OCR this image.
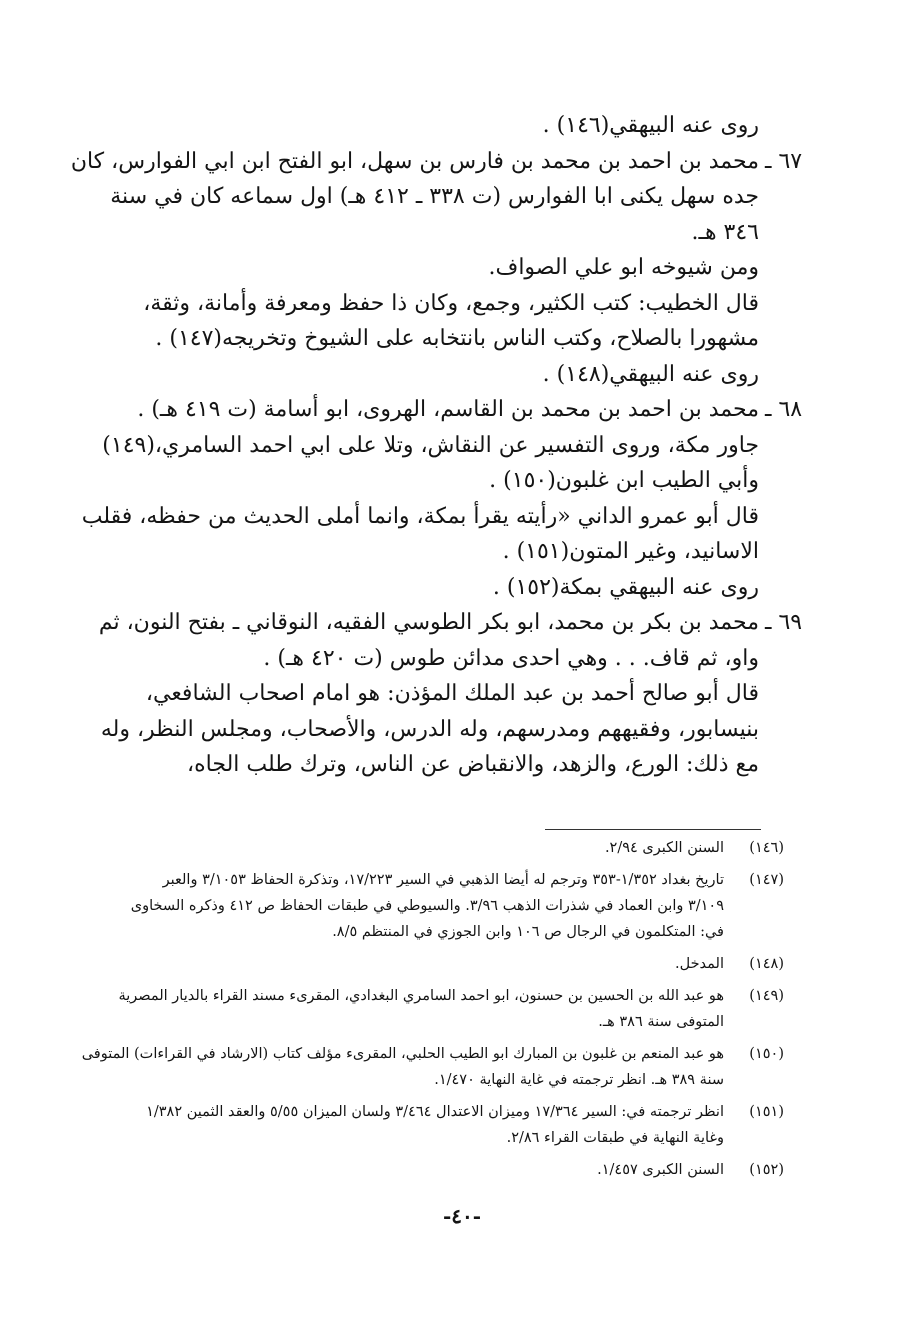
روى عنه البيهقي(١٤٦) .
٦٧ ـ
محمد بن احمد بن محمد بن فارس بن سهل، ابو الفتح ابن ابي الفوارس، كان
جده سهل يكنى ابا الفوارس (ت ٣٣٨ ـ ٤١٢ هـ) اول سماعه كان في سنة
٣٤٦ هـ.
ومن شيوخه ابو علي الصواف.
قال الخطيب: كتب الكثير، وجمع، وكان ذا حفظ ومعرفة وأمانة، وثقة،
مشهورا بالصلاح، وكتب الناس بانتخابه على الشيوخ وتخريجه(١٤٧) .
روى عنه البيهقي(١٤٨) .
٦٨ ـ
محمد بن احمد بن محمد بن القاسم، الهروى، ابو أسامة (ت ٤١٩ هـ) .
جاور مكة، وروى التفسير عن النقاش، وتلا على ابي احمد السامري،(١٤٩)
وأبي الطيب ابن غلبون(١٥٠) .
قال أبو عمرو الداني «رأيته يقرأ بمكة، وانما أملى الحديث من حفظه، فقلب
الاسانيد، وغير المتون(١٥١) .
روى عنه البيهقي بمكة(١٥٢) .
٦٩ ـ
محمد بن بكر بن محمد، ابو بكر الطوسي الفقيه، النوقاني ـ بفتح النون، ثم
واو، ثم قاف. . . وهي احدى مدائن طوس (ت ٤٢٠ هـ) .
قال أبو صالح أحمد بن عبد الملك المؤذن: هو امام اصحاب الشافعي،
بنيسابور، وفقيههم ومدرسهم، وله الدرس، والأصحاب، ومجلس النظر، وله
مع ذلك: الورع، والزهد، والانقباض عن الناس، وترك طلب الجاه،
(١٤٦)
السنن الكبرى ٢/٩٤.
(١٤٧)
تاريخ بغداد ١/٣٥٢-٣٥٣ وترجم له أيضا الذهبي في السير ١٧/٢٢٣، وتذكرة الحفاظ ٣/١٠٥٣ والعبر
٣/١٠٩ وابن العماد في شذرات الذهب ٣/٩٦. والسيوطي في طبقات الحفاظ ص ٤١٢ وذكره السخاوى
في: المتكلمون في الرجال ص ١٠٦ وابن الجوزي في المنتظم ٨/٥.
(١٤٨)
المدخل.
(١٤٩)
هو عبد الله بن الحسين بن حسنون، ابو احمد السامري البغدادي، المقرىء مسند القراء بالديار المصرية
المتوفى سنة ٣٨٦ هـ.
(١٥٠)
هو عبد المنعم بن غلبون بن المبارك ابو الطيب الحلبي، المقرىء مؤلف كتاب (الارشاد في القراءات) المتوفى
سنة ٣٨٩ هـ. انظر ترجمته في غاية النهاية ١/٤٧٠.
(١٥١)
انظر ترجمته في: السير ١٧/٣٦٤ وميزان الاعتدال ٣/٤٦٤ ولسان الميزان ٥/٥٥ والعقد الثمين ١/٣٨٢
وغاية النهاية في طبقات القراء ٢/٨٦.
(١٥٢)
السنن الكبرى ١/٤٥٧.
-٤٠-
